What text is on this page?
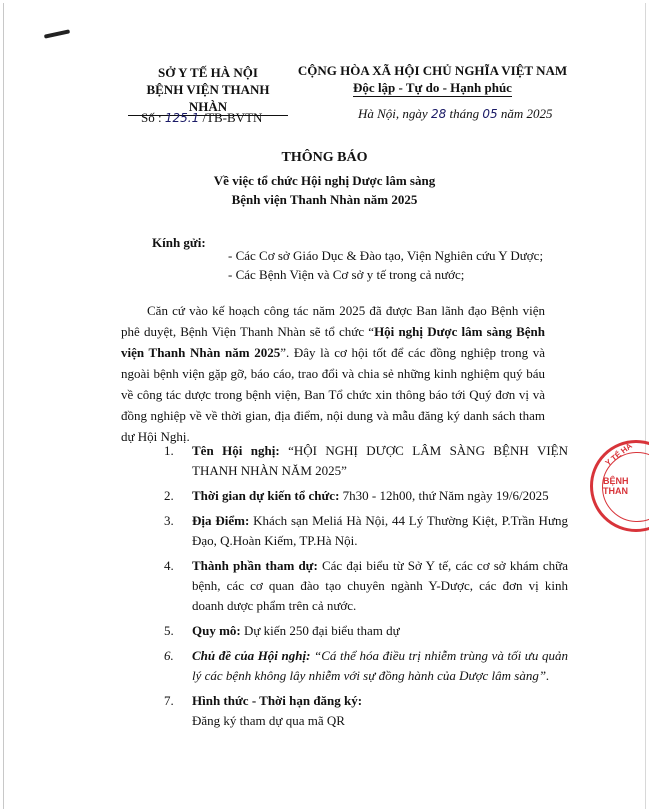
SỞ Y TẾ HÀ NỘI
BỆNH VIỆN THANH NHÀN
CỘNG HÒA XÃ HỘI CHỦ NGHĨA VIỆT NAM
Độc lập - Tự do - Hạnh phúc
Số : 125.1 /TB-BVTN	Hà Nội, ngày 28 tháng 05 năm 2025
THÔNG BÁO
Về việc tổ chức Hội nghị Dược lâm sàng
Bệnh viện Thanh Nhàn năm 2025
Kính gửi:
- Các Cơ sở Giáo Dục & Đào tạo, Viện Nghiên cứu Y Dược;
- Các Bệnh Viện và Cơ sở y tế trong cả nước;
Căn cứ vào kế hoạch công tác năm 2025 đã được Ban lãnh đạo Bệnh viện phê duyệt, Bệnh Viện Thanh Nhàn sẽ tổ chức “Hội nghị Dược lâm sàng Bệnh viện Thanh Nhàn năm 2025”. Đây là cơ hội tốt để các đồng nghiệp trong và ngoài bệnh viện gặp gỡ, báo cáo, trao đổi và chia sẻ những kinh nghiệm quý báu về công tác dược trong bệnh viện, Ban Tổ chức xin thông báo tới Quý đơn vị và đồng nghiệp về về thời gian, địa điểm, nội dung và mẫu đăng ký danh sách tham dự Hội Nghị.
1. Tên Hội nghị: “HỘI NGHỊ DƯỢC LÂM SÀNG BỆNH VIỆN THANH NHÀN NĂM 2025”
2. Thời gian dự kiến tổ chức: 7h30 - 12h00, thứ Năm ngày 19/6/2025
3. Địa Điểm: Khách sạn Meliá Hà Nội, 44 Lý Thường Kiệt, P.Trần Hưng Đạo, Q.Hoàn Kiếm, TP.Hà Nội.
4. Thành phần tham dự: Các đại biểu từ Sở Y tế, các cơ sở khám chữa bệnh, các cơ quan đào tạo chuyên ngành Y-Dược, các đơn vị kinh doanh dược phẩm trên cả nước.
5. Quy mô: Dự kiến 250 đại biểu tham dự
6. Chủ đề của Hội nghị: “Cá thể hóa điều trị nhiễm trùng và tối ưu quản lý các bệnh không lây nhiễm với sự đồng hành của Dược lâm sàng”.
7. Hình thức - Thời hạn đăng ký:
Đăng ký tham dự qua mã QR
Y TẾ HÀ
BỆNH
THAN
